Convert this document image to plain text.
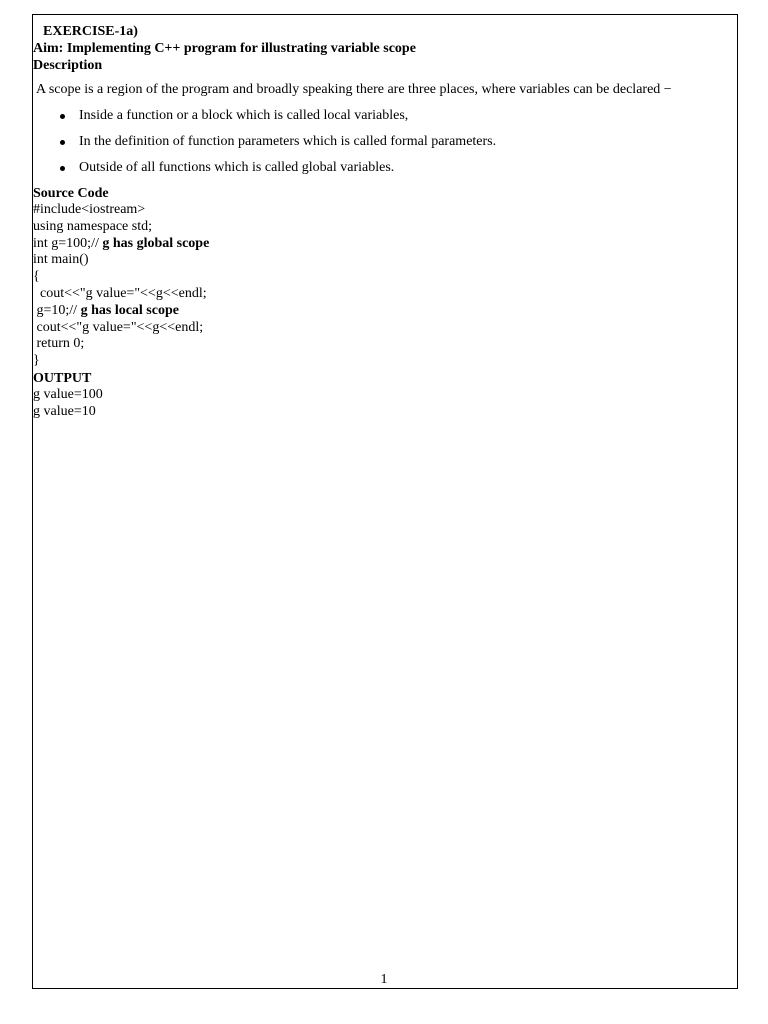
EXERCISE-1a)
Aim: Implementing C++ program for illustrating variable scope
Description
A scope is a region of the program and broadly speaking there are three places, where variables can be declared −
Inside a function or a block which is called local variables,
In the definition of function parameters which is called formal parameters.
Outside of all functions which is called global variables.
Source Code
#include<iostream>
using namespace std;
int g=100;// g has global scope
int main()
{
cout<<"g value="<<g<<endl;
g=10;// g has local scope
cout<<"g value="<<g<<endl;
return 0;
}
OUTPUT
g value=100
g value=10
1
